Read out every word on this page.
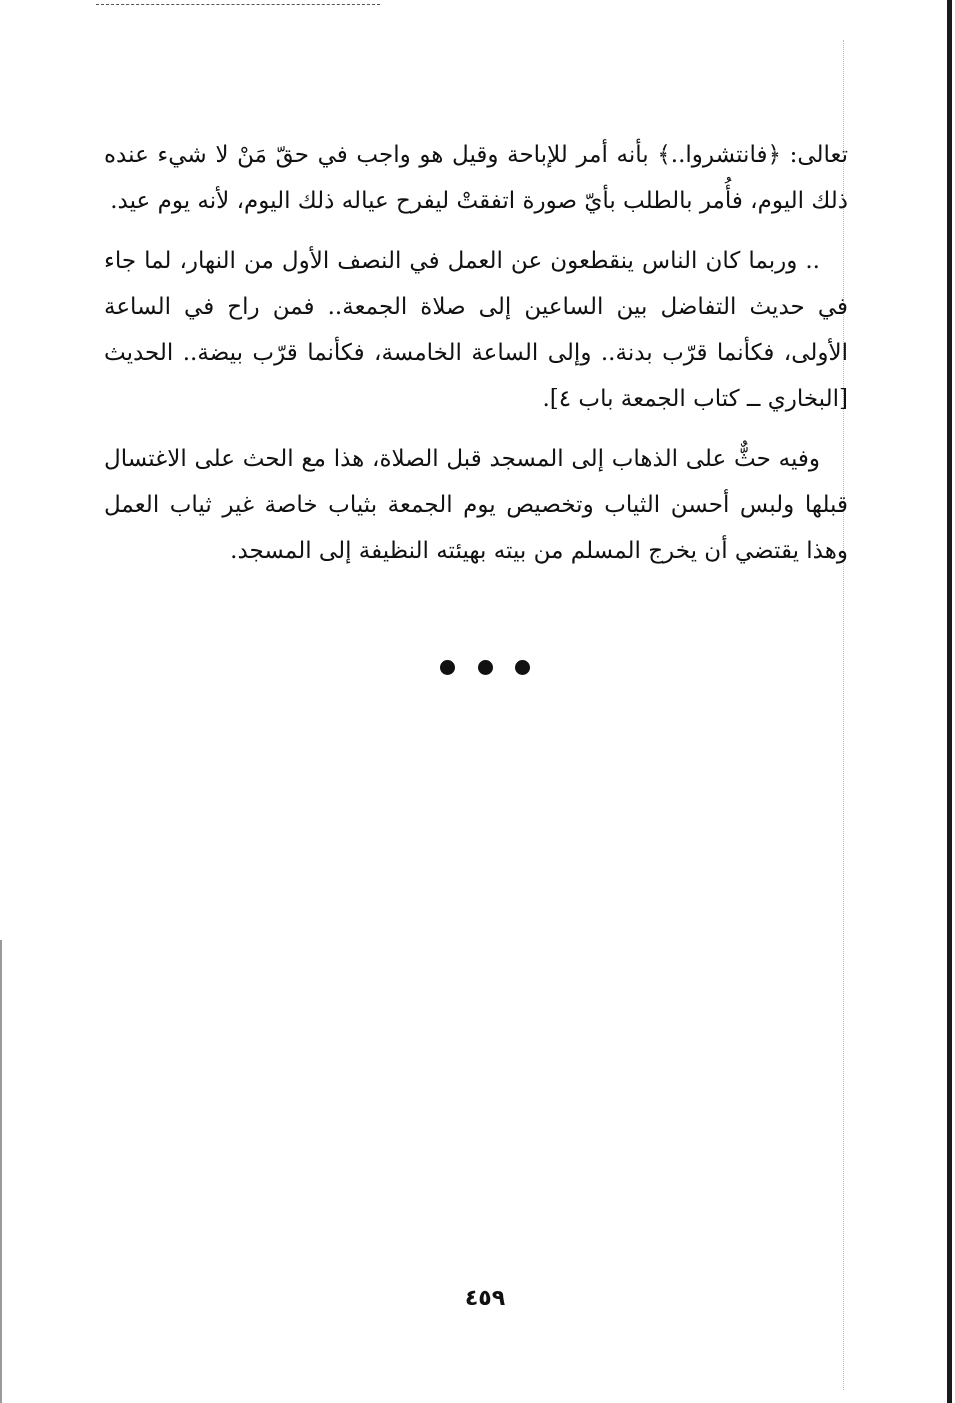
تعالى: ﴿فانتشروا..﴾ بأنه أمر للإباحة وقيل هو واجب في حقّ مَنْ لا شيء عنده ذلك اليوم، فأُمر بالطلب بأيّ صورة اتفقتْ ليفرح عياله ذلك اليوم، لأنه يوم عيد.

.. وربما كان الناس ينقطعون عن العمل في النصف الأول من النهار، لما جاء في حديث التفاضل بين الساعين إلى صلاة الجمعة.. فمن راح في الساعة الأولى، فكأنما قرّب بدنة.. وإلى الساعة الخامسة، فكأنما قرّب بيضة.. الحديث [البخاري ــ كتاب الجمعة باب ٤].

وفيه حثٌّ على الذهاب إلى المسجد قبل الصلاة، هذا مع الحث على الاغتسال قبلها ولبس أحسن الثياب وتخصيص يوم الجمعة بثياب خاصة غير ثياب العمل وهذا يقتضي أن يخرج المسلم من بيته بهيئته النظيفة إلى المسجد.

٤٥٩
